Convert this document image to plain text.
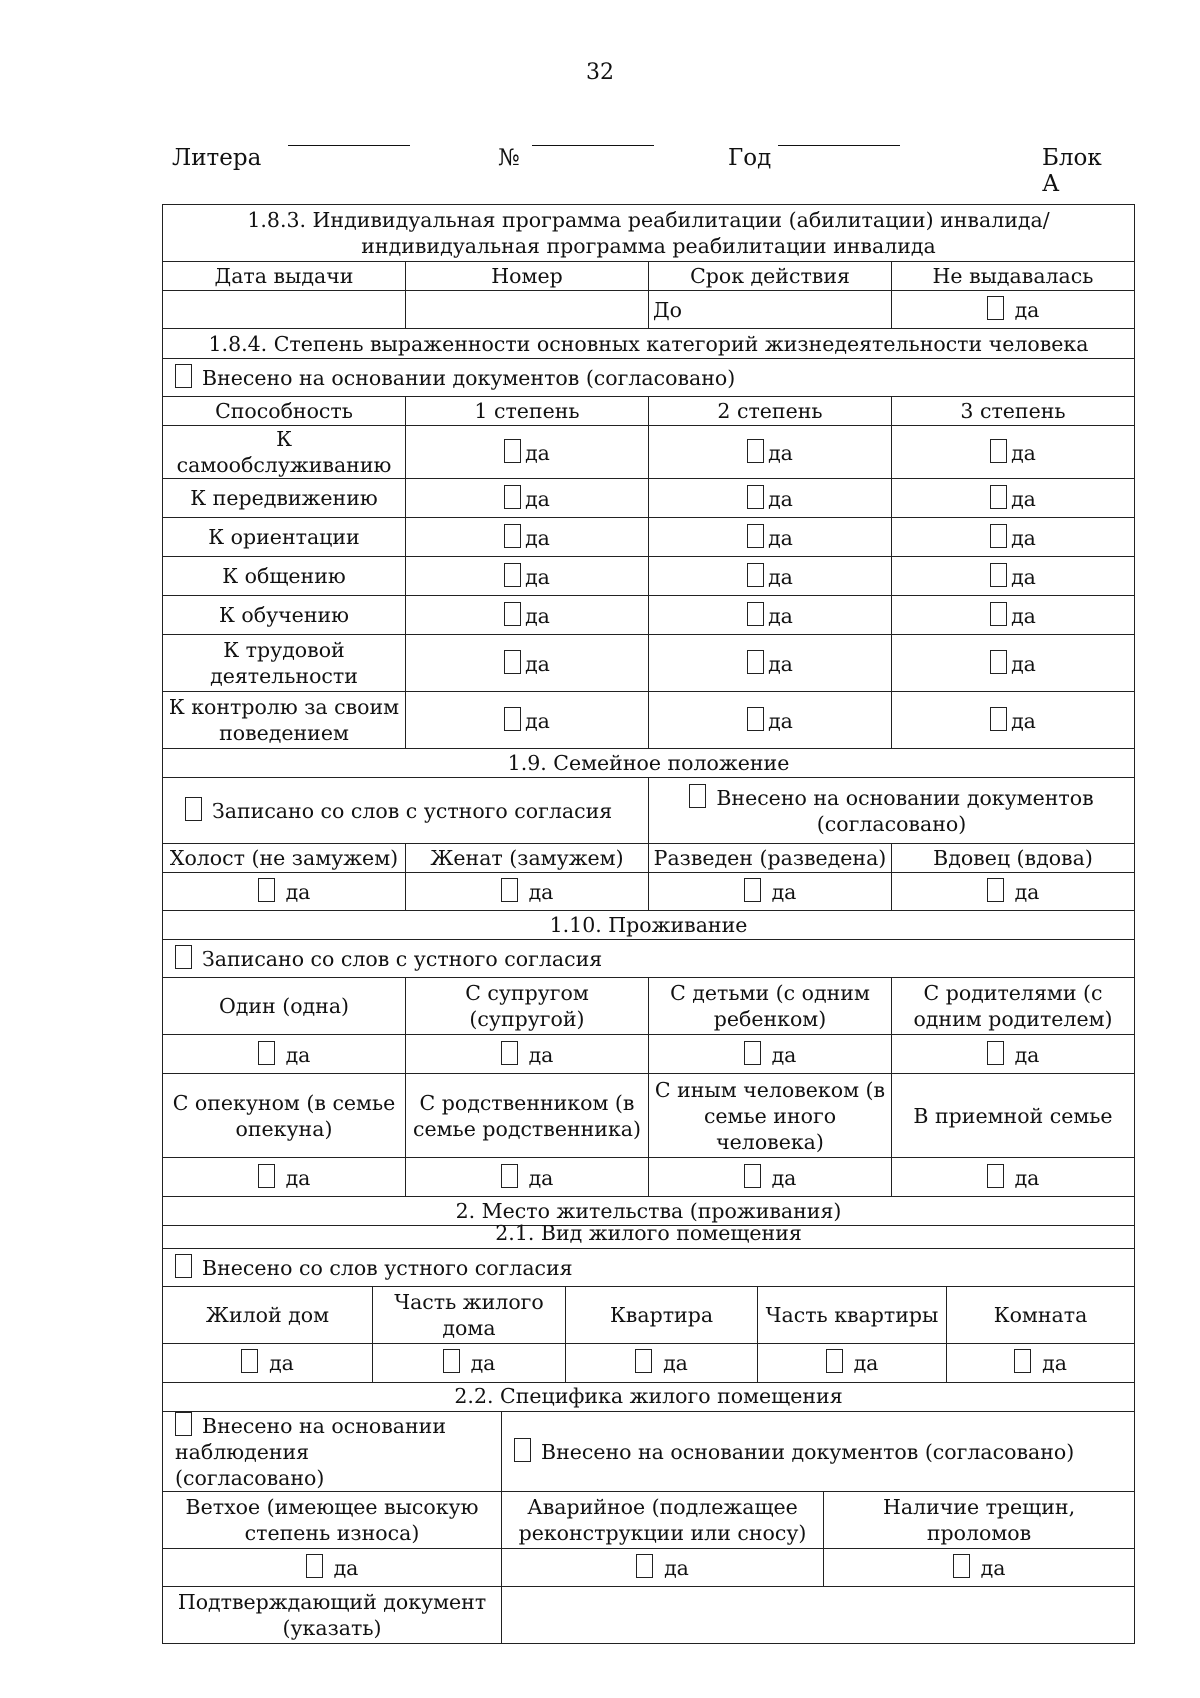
32
Литера	№	Год	Блок А
1.8.3. Индивидуальная программа реабилитации (абилитации) инвалида/ индивидуальная программа реабилитации инвалида			
Дата выдачи	Номер	Срок действия	Не выдавалась
		До	да
1.8.4. Степень выраженности основных категорий жизнедеятельности человека			
Внесено на основании документов (согласовано)			
Способность	1 степень	2 степень	3 степень
К самообслуживанию	да	да	да
К передвижению	да	да	да
К ориентации	да	да	да
К общению	да	да	да
К обучению	да	да	да
К трудовой деятельности	да	да	да
К контролю за своим поведением	да	да	да
1.9. Семейное положение			
Записано со слов с устного согласия		Внесено на основании документов (согласовано)	
Холост (не замужем)	Женат (замужем)	Разведен (разведена)	Вдовец (вдова)
да	да	да	да
1.10. Проживание			
Записано со слов с устного согласия			
Один (одна)	С супругом (супругой)	С детьми (с одним ребенком)	С родителями (с одним родителем)
да	да	да	да
С опекуном (в семье опекуна)	С родственником (в семье родственника)	С иным человеком (в семье иного человека)	В приемной семье
да	да	да	да
2. Место жительства (проживания)			
2.1. Вид жилого помещения				
Внесено со слов устного согласия				
Жилой дом	Часть жилого дома	Квартира	Часть квартиры	Комната
да	да	да	да	да
2.2. Специфика жилого помещения		
Внесено на основании наблюдения (согласовано)	Внесено на основании документов (согласовано)	
Ветхое (имеющее высокую степень износа)	Аварийное (подлежащее реконструкции или сносу)	Наличие трещин, проломов
да	да	да
Подтверждающий документ (указать)		
